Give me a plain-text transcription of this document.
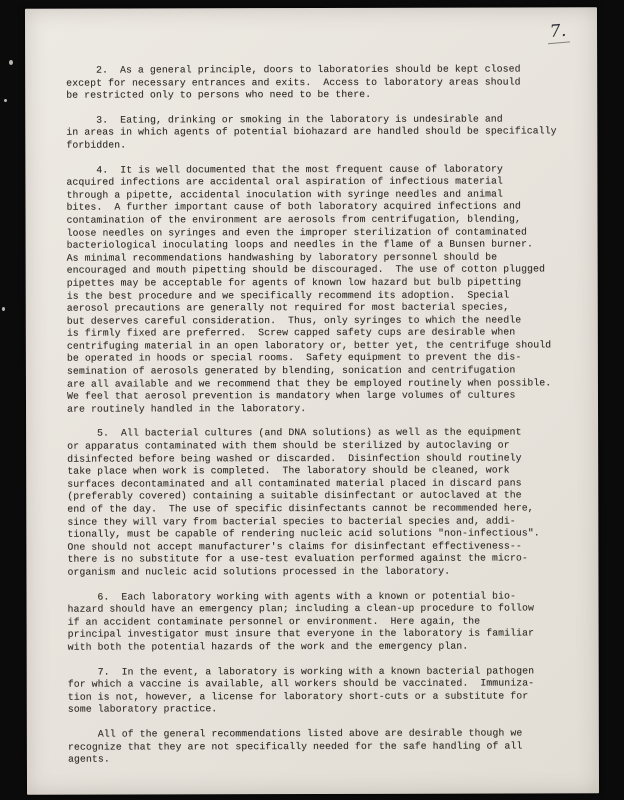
7.

2.  As a general principle, doors to laboratories should be kept closed
except for necessary entrances and exits.  Access to laboratory areas should
be restricted only to persons who need to be there.

3.  Eating, drinking or smoking in the laboratory is undesirable and
in areas in which agents of potential biohazard are handled should be specifically
forbidden.

4.  It is well documented that the most frequent cause of laboratory
acquired infections are accidental oral aspiration of infectious material
through a pipette, accidental inoculation with syringe needles and animal
bites.  A further important cause of both laboratory acquired infections and
contamination of the environment are aerosols from centrifugation, blending,
loose needles on syringes and even the improper sterilization of contaminated
bacteriological inoculating loops and needles in the flame of a Bunsen burner.
As minimal recommendations handwashing by laboratory personnel should be
encouraged and mouth pipetting should be discouraged.  The use of cotton plugged
pipettes may be acceptable for agents of known low hazard but bulb pipetting
is the best procedure and we specifically recommend its adoption.  Special
aerosol precautions are generally not required for most bacterial species,
but deserves careful consideration.  Thus, only syringes to which the needle
is firmly fixed are preferred.  Screw capped safety cups are desirable when
centrifuging material in an open laboratory or, better yet, the centrifuge should
be operated in hoods or special rooms.  Safety equipment to prevent the dis-
semination of aerosols generated by blending, sonication and centrifugation
are all available and we recommend that they be employed routinely when possible.
We feel that aerosol prevention is mandatory when large volumes of cultures
are routinely handled in the laboratory.

5.  All bacterial cultures (and DNA solutions) as well as the equipment
or apparatus contaminated with them should be sterilized by autoclaving or
disinfected before being washed or discarded.  Disinfection should routinely
take place when work is completed.  The laboratory should be cleaned, work
surfaces decontaminated and all contaminated material placed in discard pans
(preferably covered) containing a suitable disinfectant or autoclaved at the
end of the day.  The use of specific disinfectants cannot be recommended here,
since they will vary from bacterial species to bacterial species and, addi-
tionally, must be capable of rendering nucleic acid solutions "non-infectious".
One should not accept manufacturer's claims for disinfectant effectiveness--
there is no substitute for a use-test evaluation performed against the micro-
organism and nucleic acid solutions processed in the laboratory.

6.  Each laboratory working with agents with a known or potential bio-
hazard should have an emergency plan; including a clean-up procedure to follow
if an accident contaminate personnel or environment.  Here again, the
principal investigator must insure that everyone in the laboratory is familiar
with both the potential hazards of the work and the emergency plan.

7.  In the event, a laboratory is working with a known bacterial pathogen
for which a vaccine is available, all workers should be vaccinated.  Immuniza-
tion is not, however, a license for laboratory short-cuts or a substitute for
some laboratory practice.

All of the general recommendations listed above are desirable though we
recognize that they are not specifically needed for the safe handling of all
agents.
